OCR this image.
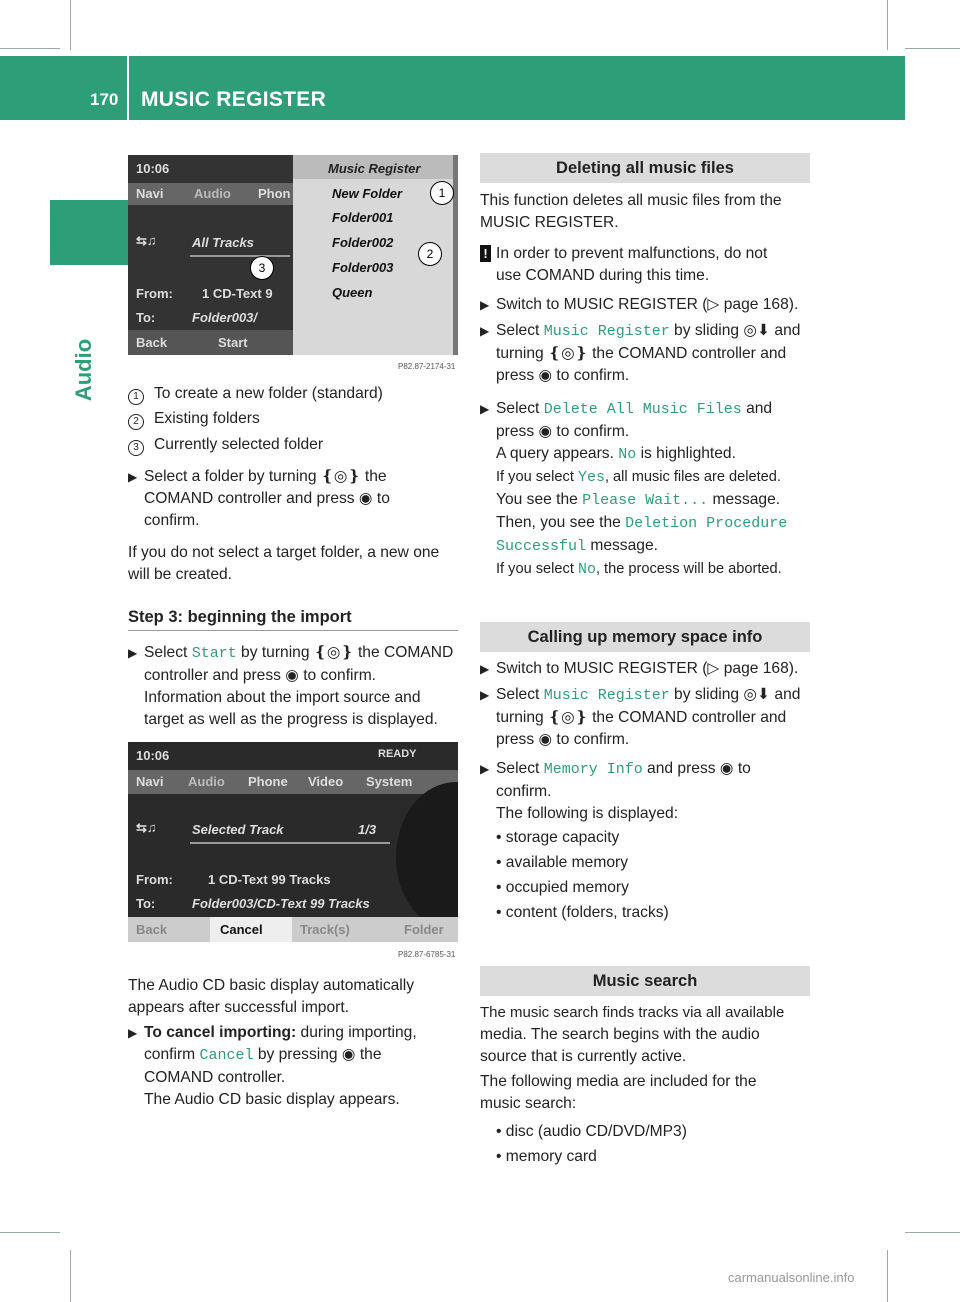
170 MUSIC REGISTER
Audio
10:06
Navi Audio Phon
⇆♫	All Tracks
From: 1 CD-Text 9
To:	Folder003/
Back	Start
Music Register
New Folder
Folder001
Folder002
Folder003
Queen
1
2
3
P82.87-2174-31
1 To create a new folder (standard)
2 Existing folders
3 Currently selected folder
▶ Select a folder by turning ❴◎❵ the

COMAND controller and press ◉ to

confirm.

If you do not select a target folder, a new one

will be created.

Step 3: beginning the import
▶ Select Start by turning ❴◎❵ the COMAND

controller and press ◉ to confirm.

Information about the import source and

target as well as the progress is displayed.

10:06	READY
Navi Audio Phone Video System
⇆♫	Selected Track	1/3
From:	1 CD-Text 99 Tracks
To:	Folder003/CD-Text 99 Tracks
Back	Cancel	Track(s)	Folder
P82.87-6785-31

The Audio CD basic display automatically

appears after successful import.

▶ To cancel importing: during importing,

confirm Cancel by pressing ◉ the

COMAND controller.

The Audio CD basic display appears.

Deleting all music files

This function deletes all music files from the

MUSIC REGISTER.

! In order to prevent malfunctions, do not

use COMAND during this time.

▶ Switch to MUSIC REGISTER (▷ page 168).

▶ Select Music Register by sliding ◎⬇ and

turning ❴◎❵ the COMAND controller and

press ◉ to confirm.

▶ Select Delete All Music Files and

press ◉ to confirm.

A query appears. No is highlighted.

If you select Yes, all music files are deleted.

You see the Please Wait... message.

Then, you see the Deletion Procedure

Successful message.

If you select No, the process will be aborted.

Calling up memory space info
▶ Switch to MUSIC REGISTER (▷ page 168).

▶ Select Music Register by sliding ◎⬇ and

turning ❴◎❵ the COMAND controller and

press ◉ to confirm.

▶ Select Memory Info and press ◉ to

confirm.

The following is displayed:

• storage capacity

• available memory

• occupied memory

• content (folders, tracks)

Music search

The music search finds tracks via all available

media. The search begins with the audio

source that is currently active.

The following media are included for the

music search:

• disc (audio CD/DVD/MP3)

• memory card

carmanualsonline.info
